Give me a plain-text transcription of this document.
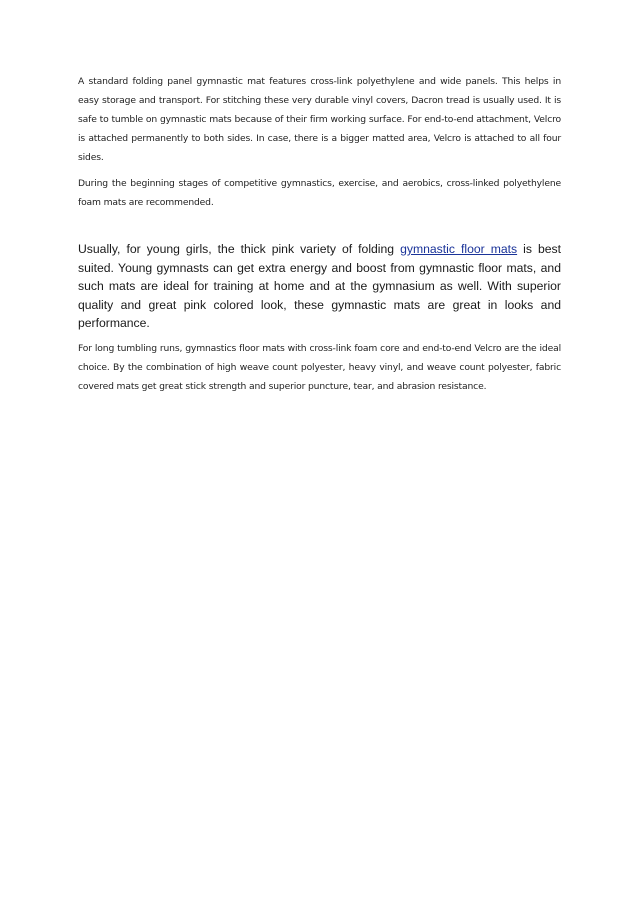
A standard folding panel gymnastic mat features cross-link polyethylene and wide panels. This helps in easy storage and transport. For stitching these very durable vinyl covers, Dacron tread is usually used. It is safe to tumble on gymnastic mats because of their firm working surface. For end-to-end attachment, Velcro is attached permanently to both sides. In case, there is a bigger matted area, Velcro is attached to all four sides.

During the beginning stages of competitive gymnastics, exercise, and aerobics, cross-linked polyethylene foam mats are recommended.

Usually, for young girls, the thick pink variety of folding gymnastic floor mats is best suited. Young gymnasts can get extra energy and boost from gymnastic floor mats, and such mats are ideal for training at home and at the gymnasium as well. With superior quality and great pink colored look, these gymnastic mats are great in looks and performance.

For long tumbling runs, gymnastics floor mats with cross-link foam core and end-to-end Velcro are the ideal choice. By the combination of high weave count polyester, heavy vinyl, and weave count polyester, fabric covered mats get great stick strength and superior puncture, tear, and abrasion resistance.
